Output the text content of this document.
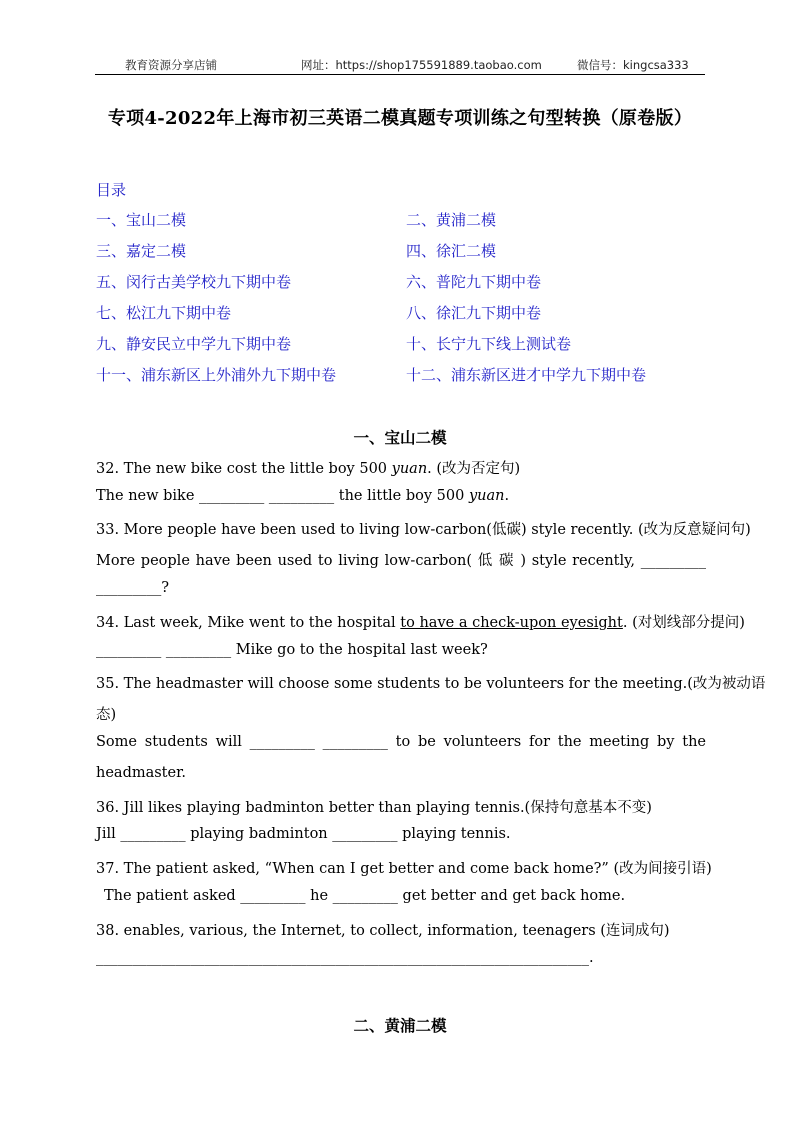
教育资源分享店铺	网址：https://shop175591889.taobao.com	微信号：kingcsa333
专项4-2022年上海市初三英语二模真题专项训练之句型转换（原卷版）
目录
一、宝山二模	二、黄浦二模
三、嘉定二模	四、徐汇二模
五、闵行古美学校九下期中卷	六、普陀九下期中卷
七、松江九下期中卷	八、徐汇九下期中卷
九、静安民立中学九下期中卷	十、长宁九下线上测试卷
十一、浦东新区上外浦外九下期中卷	十二、浦东新区进才中学九下期中卷
一、宝山二模
32. The new bike cost the little boy 500 yuan. (改为否定句)
The new bike _________ _________ the little boy 500 yuan.
33. More people have been used to living low-carbon(低碳) style recently. (改为反意疑问句)
More people have been used to living low-carbon( 低 碳 ) style recently, _________
_________?
34. Last week, Mike went to the hospital to have a check-upon eyesight. (对划线部分提问)
_________ _________ Mike go to the hospital last week?
35. The headmaster will choose some students to be volunteers for the meeting.(改为被动语
态)
Some students will _________ _________ to be volunteers for the meeting by the
headmaster.
36. Jill likes playing badminton better than playing tennis.(保持句意基本不变)
Jill _________ playing badminton _________ playing tennis.
37. The patient asked, “When can I get better and come back home?” (改为间接引语)
The patient asked _________ he _________ get better and get back home.
38. enables, various, the Internet, to collect, information, teenagers (连词成句)
____________________________________________________________________.
二、黄浦二模
